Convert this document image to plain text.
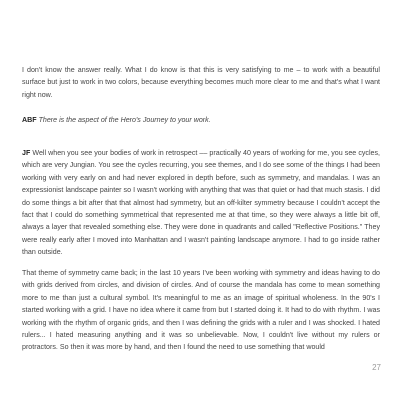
I don't know the answer really. What I do know is that this is very satisfying to me – to work with a beautiful surface but just to work in two colors, because everything becomes much more clear to me and that's what I want right now.

ABF There is the aspect of the Hero's Journey to your work.

JF Well when you see your bodies of work in retrospect –– practically 40 years of working for me, you see cycles, which are very Jungian. You see the cycles recurring, you see themes, and I do see some of the things I had been working with very early on and had never explored in depth before, such as symmetry, and mandalas. I was an expressionist landscape painter so I wasn't working with anything that was that quiet or had that much stasis. I did do some things a bit after that that almost had symmetry, but an off-kilter symmetry because I couldn't accept the fact that I could do something symmetrical that represented me at that time, so they were always a little bit off, always a layer that revealed something else. They were done in quadrants and called "Reflective Positions." They were really early after I moved into Manhattan and I wasn't painting landscape anymore. I had to go inside rather than outside.

That theme of symmetry came back; in the last 10 years I've been working with symmetry and ideas having to do with grids derived from circles, and division of circles. And of course the mandala has come to mean something more to me than just a cultural symbol. It's meaningful to me as an image of spiritual wholeness. In the 90's I started working with a grid. I have no idea where it came from but I started doing it. It had to do with rhythm. I was working with the rhythm of organic grids, and then I was defining the grids with a ruler and I was shocked. I hated rulers... I hated measuring anything and it was so unbelievable. Now, I couldn't live without my rulers or protractors. So then it was more by hand, and then I found the need to use something that would

27
